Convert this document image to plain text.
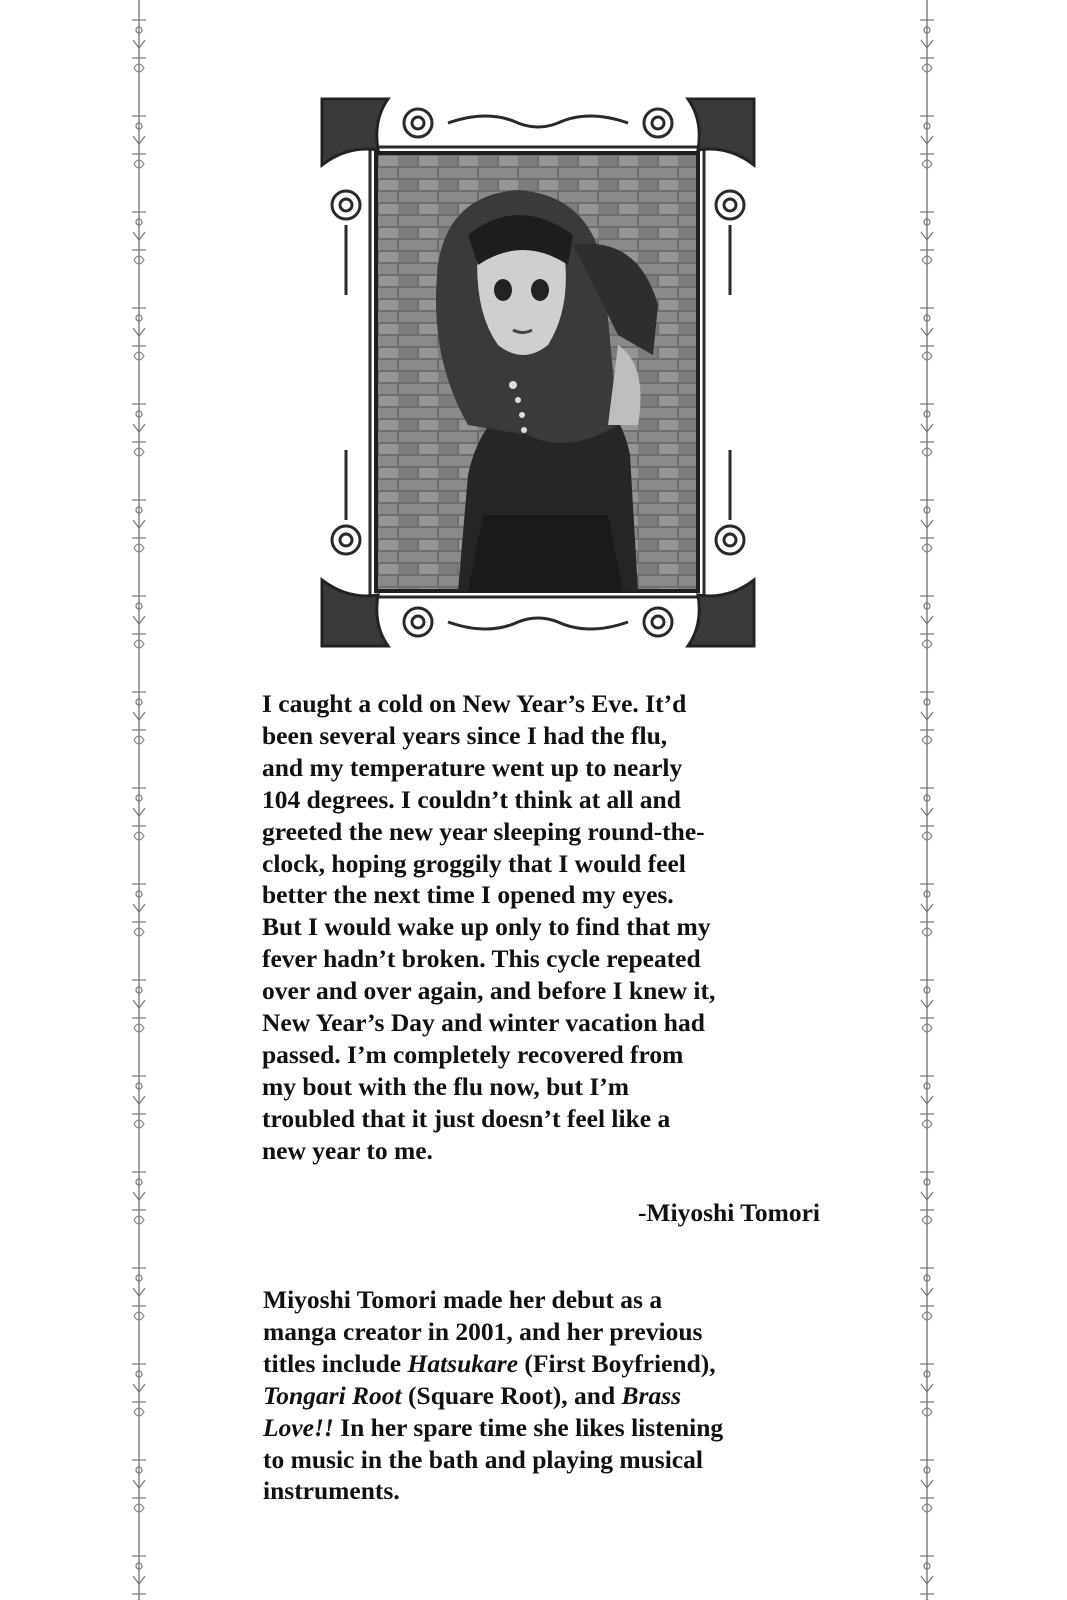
I caught a cold on New Year’s Eve. It’d
been several years since I had the flu,
and my temperature went up to nearly
104 degrees. I couldn’t think at all and
greeted the new year sleeping round-the-
clock, hoping groggily that I would feel
better the next time I opened my eyes.
But I would wake up only to find that my
fever hadn’t broken. This cycle repeated
over and over again, and before I knew it,
New Year’s Day and winter vacation had
passed. I’m completely recovered from
my bout with the flu now, but I’m
troubled that it just doesn’t feel like a
new year to me.

-Miyoshi Tomori

Miyoshi Tomori made her debut as a
manga creator in 2001, and her previous
titles include Hatsukare (First Boyfriend),
Tongari Root (Square Root), and Brass
Love!! In her spare time she likes listening
to music in the bath and playing musical
instruments.
